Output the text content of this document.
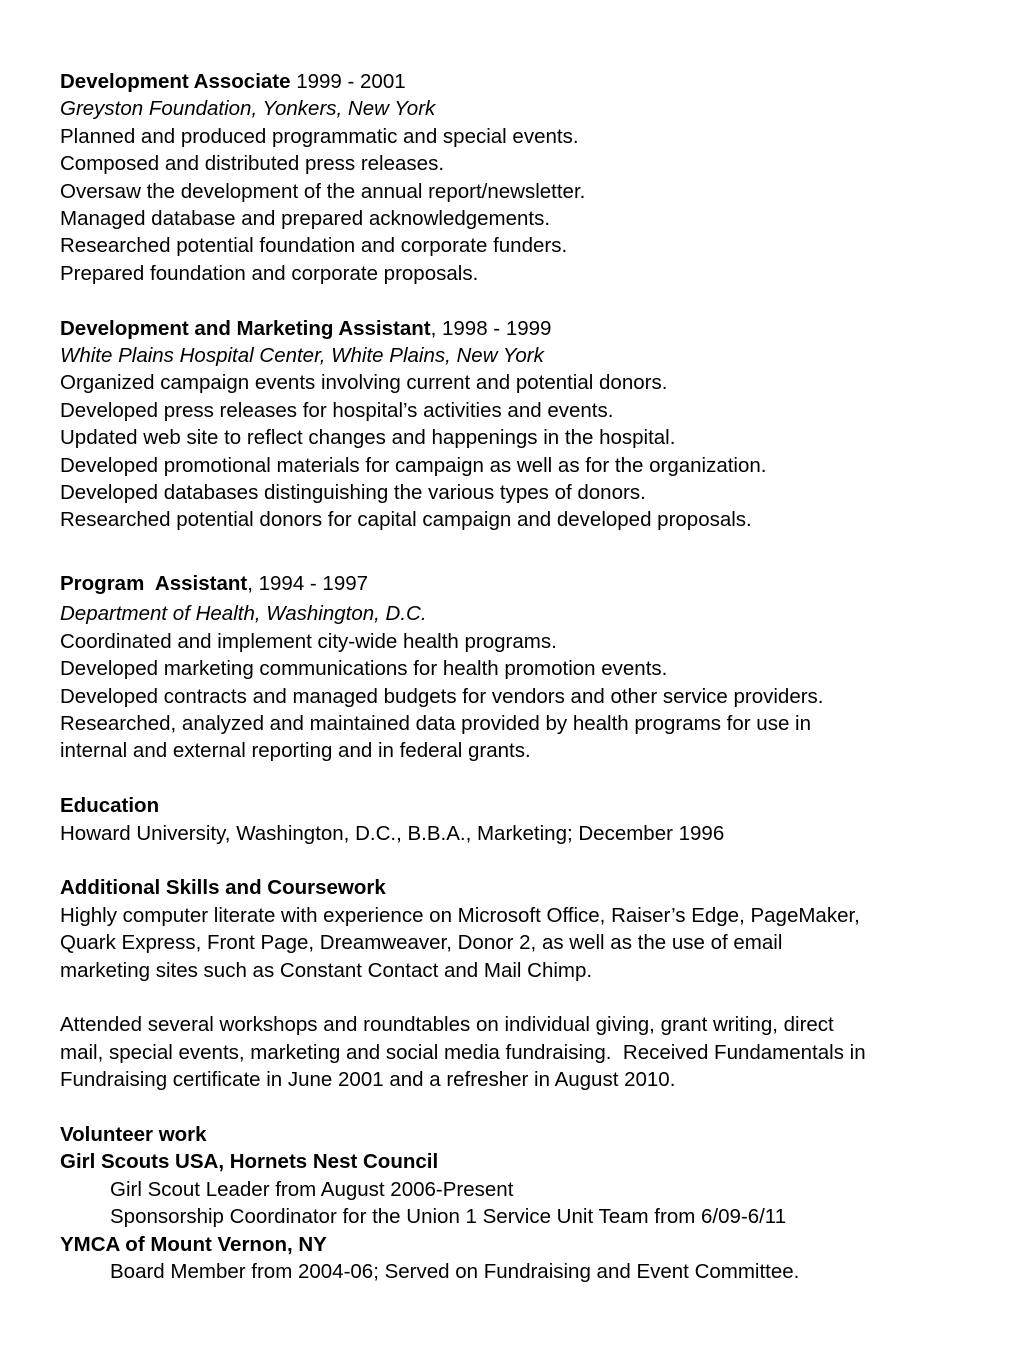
Development Associate 1999 - 2001
Greyston Foundation, Yonkers, New York
Planned and produced programmatic and special events.
Composed and distributed press releases.
Oversaw the development of the annual report/newsletter.
Managed database and prepared acknowledgements.
Researched potential foundation and corporate funders.
Prepared foundation and corporate proposals.
Development and Marketing Assistant, 1998 - 1999
White Plains Hospital Center, White Plains, New York
Organized campaign events involving current and potential donors.
Developed press releases for hospital’s activities and events.
Updated web site to reflect changes and happenings in the hospital.
Developed promotional materials for campaign as well as for the organization.
Developed databases distinguishing the various types of donors.
Researched potential donors for capital campaign and developed proposals.
Program  Assistant, 1994 - 1997
Department of Health, Washington, D.C.
Coordinated and implement city-wide health programs.
Developed marketing communications for health promotion events.
Developed contracts and managed budgets for vendors and other service providers.
Researched, analyzed and maintained data provided by health programs for use in
internal and external reporting and in federal grants.
Education
Howard University, Washington, D.C., B.B.A., Marketing; December 1996
Additional Skills and Coursework
Highly computer literate with experience on Microsoft Office, Raiser’s Edge, PageMaker,
Quark Express, Front Page, Dreamweaver, Donor 2, as well as the use of email
marketing sites such as Constant Contact and Mail Chimp.
Attended several workshops and roundtables on individual giving, grant writing, direct
mail, special events, marketing and social media fundraising.  Received Fundamentals in
Fundraising certificate in June 2001 and a refresher in August 2010.
Volunteer work
Girl Scouts USA, Hornets Nest Council
Girl Scout Leader from August 2006-Present
Sponsorship Coordinator for the Union 1 Service Unit Team from 6/09-6/11
YMCA of Mount Vernon, NY
Board Member from 2004-06; Served on Fundraising and Event Committee.
